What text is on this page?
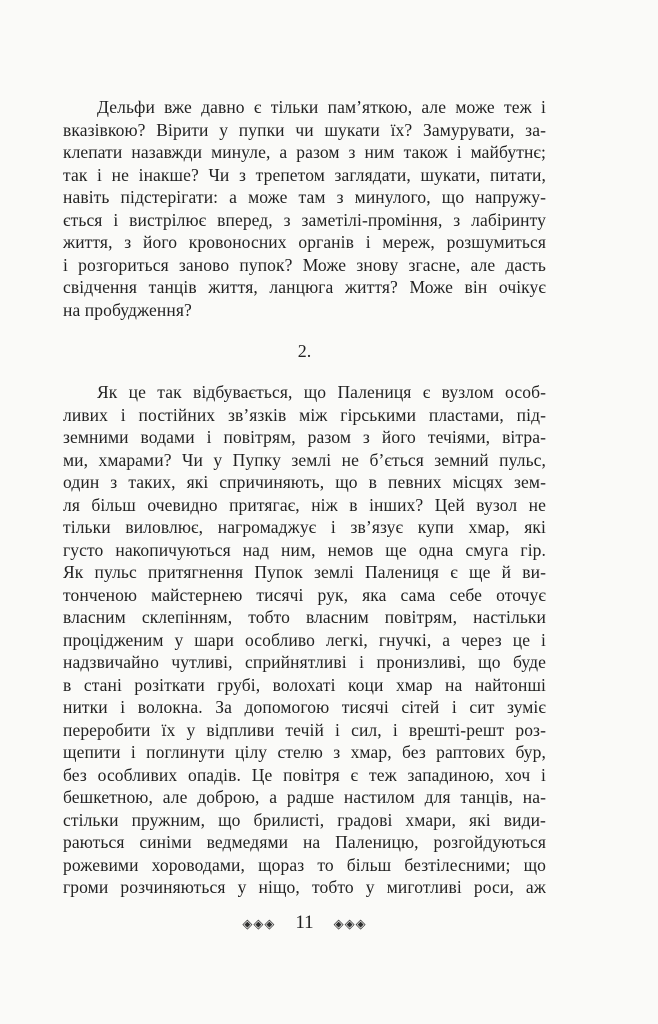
Дельфи вже давно є тільки пам’яткою, але може теж і
вказівкою? Вірити у пупки чи шукати їх? Замурувати, за-
клепати назавжди минуле, а разом з ним також і майбутнє;
так і не інакше? Чи з трепетом заглядати, шукати, питати,
навіть підстерігати: а може там з минулого, що напружу-
ється і вистрілює вперед, з заметілі-проміння, з лабіринту
життя, з його кровоносних органів і мереж, розшумиться
і розгориться заново пупок? Може знову згасне, але дасть
свідчення танців життя, ланцюга життя? Може він очікує
на пробудження?
2.
Як це так відбувається, що Палениця є вузлом особ-
ливих і постійних зв’язків між гірськими пластами, під-
земними водами і повітрям, разом з його течіями, вітра-
ми, хмарами? Чи у Пупку землі не б’ється земний пульс,
один з таких, які спричиняють, що в певних місцях зем-
ля більш очевидно притягає, ніж в інших? Цей вузол не
тільки виловлює, нагромаджує і зв’язує купи хмар, які
густо накопичуються над ним, немов ще одна смуга гір.
Як пульс притягнення Пупок землі Палениця є ще й ви-
тонченою майстернею тисячі рук, яка сама себе оточує
власним склепінням, тобто власним повітрям, настільки
процідженим у шари особливо легкі, гнучкі, а через це і
надзвичайно чутливі, сприйнятливі і пронизливі, що буде
в стані розіткати грубі, волохаті коци хмар на найтонші
нитки і волокна. За допомогою тисячі сітей і сит зуміє
переробити їх у відпливи течій і сил, і врешті-решт роз-
щепити і поглинути цілу стелю з хмар, без раптових бур,
без особливих опадів. Це повітря є теж западиною, хоч і
бешкетною, але доброю, а радше настилом для танців, на-
стільки пружним, що брилисті, градові хмари, які види-
раються синіми ведмедями на Паленицю, розгойдуються
рожевими хороводами, щораз то більш безтілесними; що
громи розчиняються у ніщо, тобто у миготливі роси, аж
◈◈◈ 11 ◈◈◈
